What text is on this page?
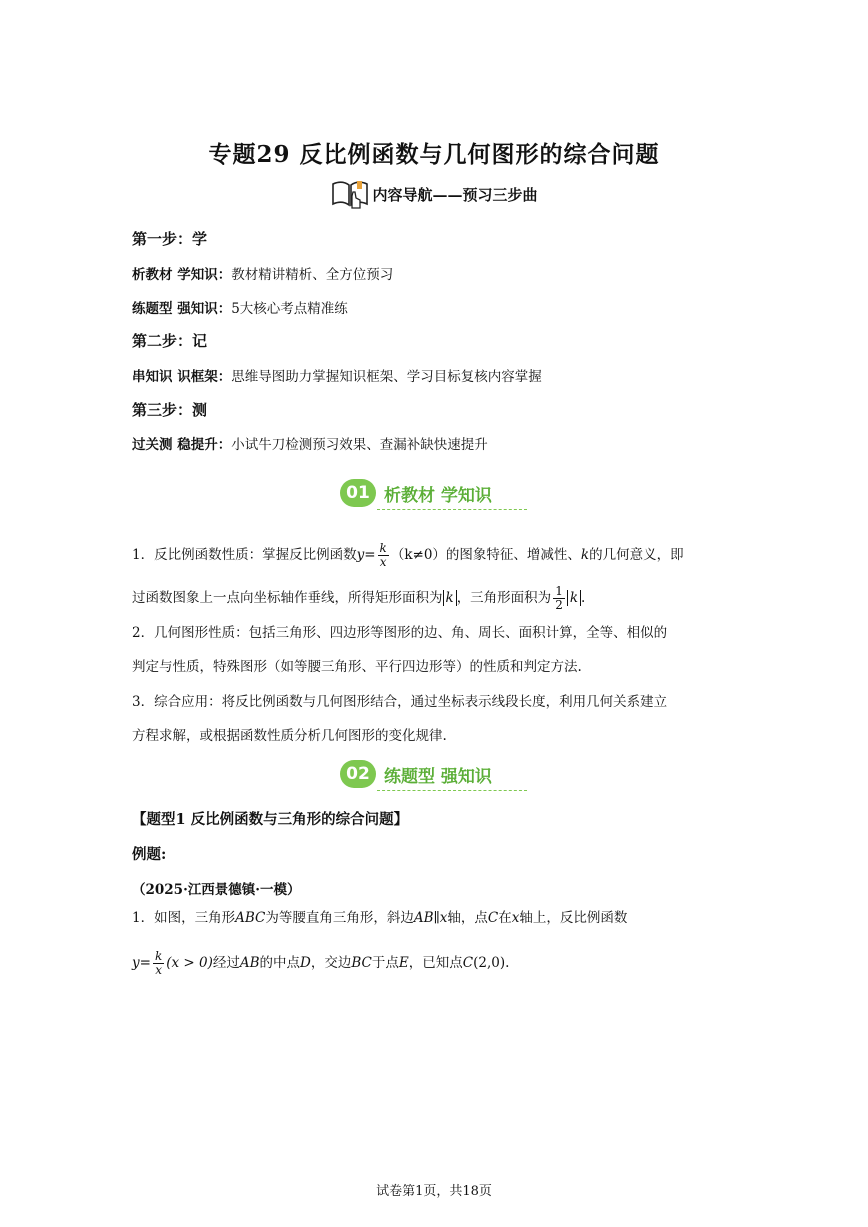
专题29 反比例函数与几何图形的综合问题
内容导航——预习三步曲
第一步：学
析教材 学知识：教材精讲精析、全方位预习
练题型 强知识：5大核心考点精准练
第二步：记
串知识 识框架：思维导图助力掌握知识框架、学习目标复核内容掌握
第三步：测
过关测 稳提升：小试牛刀检测预习效果、查漏补缺快速提升
01 析教材 学知识
1．反比例函数性质：掌握反比例函数$y= \frac{k}{x} (k\ne 0)$的图象特征、增减性、k的几何意义，即
过函数图象上一点向坐标轴作垂线，所得矩形面积为 k ，三角形面积为 $\frac{1}{2}$ k .
2．几何图形性质：包括三角形、四边形等图形的边、角、周长、面积计算，全等、相似的
判定与性质，特殊图形（如等腰三角形、平行四边形等）的性质和判定方法.
3．综合应用：将反比例函数与几何图形结合，通过坐标表示线段长度，利用几何关系建立
方程求解，或根据函数性质分析几何图形的变化规律.
02 练题型 强知识
【题型1 反比例函数与三角形的综合问题】
例题:
（2025·江西景德镇·一模）
1．如图，三角形ABC为等腰直角三角形，斜边AB∥x轴，点C在x轴上，反比例函数
$y= \frac{k}{x} (x > 0)$经过AB的中点D，交边BC于点E，已知点C(2,0).
试卷第1页，共18页
